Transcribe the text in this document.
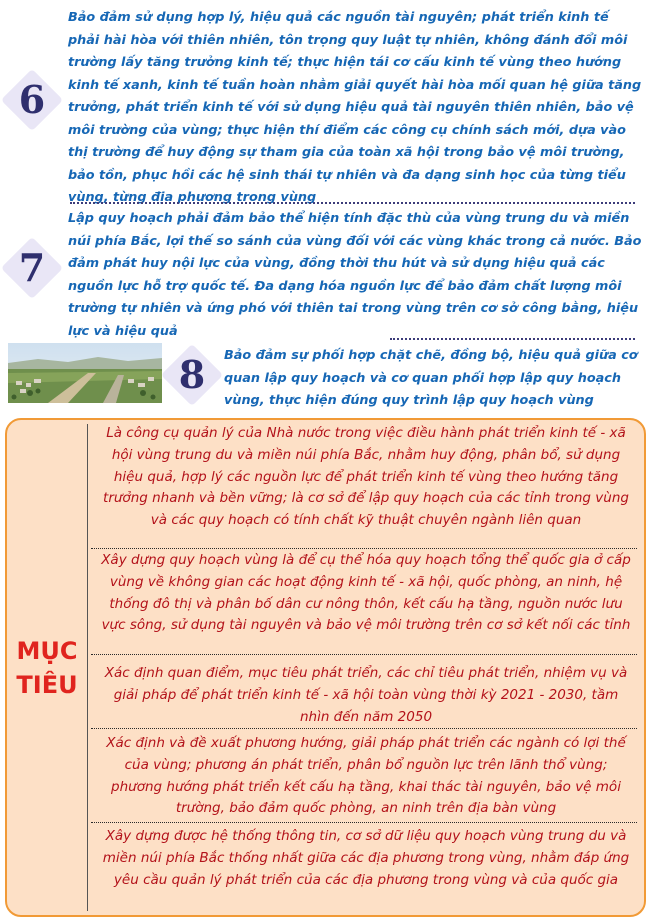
6
Bảo đảm sử dụng hợp lý, hiệu quả các nguồn tài nguyên; phát triển kinh tế phải hài hòa với thiên nhiên, tôn trọng quy luật tự nhiên, không đánh đổi môi trường lấy tăng trưởng kinh tế; thực hiện tái cơ cấu kinh tế vùng theo hướng kinh tế xanh, kinh tế tuần hoàn nhằm giải quyết hài hòa mối quan hệ giữa tăng trưởng, phát triển kinh tế với sử dụng hiệu quả tài nguyên thiên nhiên, bảo vệ môi trường của vùng; thực hiện thí điểm các công cụ chính sách mới, dựa vào thị trường để huy động sự tham gia của toàn xã hội trong bảo vệ môi trường, bảo tồn, phục hồi các hệ sinh thái tự nhiên và đa dạng sinh học của từng tiểu vùng, từng địa phương trong vùng
7
Lập quy hoạch phải đảm bảo thể hiện tính đặc thù của vùng trung du và miền núi phía Bắc, lợi thế so sánh của vùng đối với các vùng khác trong cả nước. Bảo đảm phát huy nội lực của vùng, đồng thời thu hút và sử dụng hiệu quả các nguồn lực hỗ trợ quốc tế. Đa dạng hóa nguồn lực để bảo đảm chất lượng môi trường tự nhiên và ứng phó với thiên tai trong vùng trên cơ sở công bằng, hiệu lực và hiệu quả
8	Bảo đảm sự phối hợp chặt chẽ, đồng bộ, hiệu quả giữa cơ quan lập quy hoạch và cơ quan phối hợp lập quy hoạch vùng, thực hiện đúng quy trình lập quy hoạch vùng
MỤC
TIÊU
Là công cụ quản lý của Nhà nước trong việc điều hành phát triển kinh tế - xã hội vùng trung du và miền núi phía Bắc, nhằm huy động, phân bổ, sử dụng hiệu quả, hợp lý các nguồn lực để phát triển kinh tế vùng theo hướng tăng trưởng nhanh và bền vững; là cơ sở để lập quy hoạch của các tỉnh trong vùng và các quy hoạch có tính chất kỹ thuật chuyên ngành liên quan
Xây dựng quy hoạch vùng là để cụ thể hóa quy hoạch tổng thể quốc gia ở cấp vùng về không gian các hoạt động kinh tế - xã hội, quốc phòng, an ninh, hệ thống đô thị và phân bố dân cư nông thôn, kết cấu hạ tầng, nguồn nước lưu vực sông, sử dụng tài nguyên và bảo vệ môi trường trên cơ sở kết nối các tỉnh
Xác định quan điểm, mục tiêu phát triển, các chỉ tiêu phát triển, nhiệm vụ và giải pháp để phát triển kinh tế - xã hội toàn vùng thời kỳ 2021 - 2030, tầm nhìn đến năm 2050
Xác định và đề xuất phương hướng, giải pháp phát triển các ngành có lợi thế của vùng; phương án phát triển, phân bổ nguồn lực trên lãnh thổ vùng; phương hướng phát triển kết cấu hạ tầng, khai thác tài nguyên, bảo vệ môi trường, bảo đảm quốc phòng, an ninh trên địa bàn vùng
Xây dựng được hệ thống thông tin, cơ sở dữ liệu quy hoạch vùng trung du và miền núi phía Bắc thống nhất giữa các địa phương trong vùng, nhằm đáp ứng yêu cầu quản lý phát triển của các địa phương trong vùng và của quốc gia
